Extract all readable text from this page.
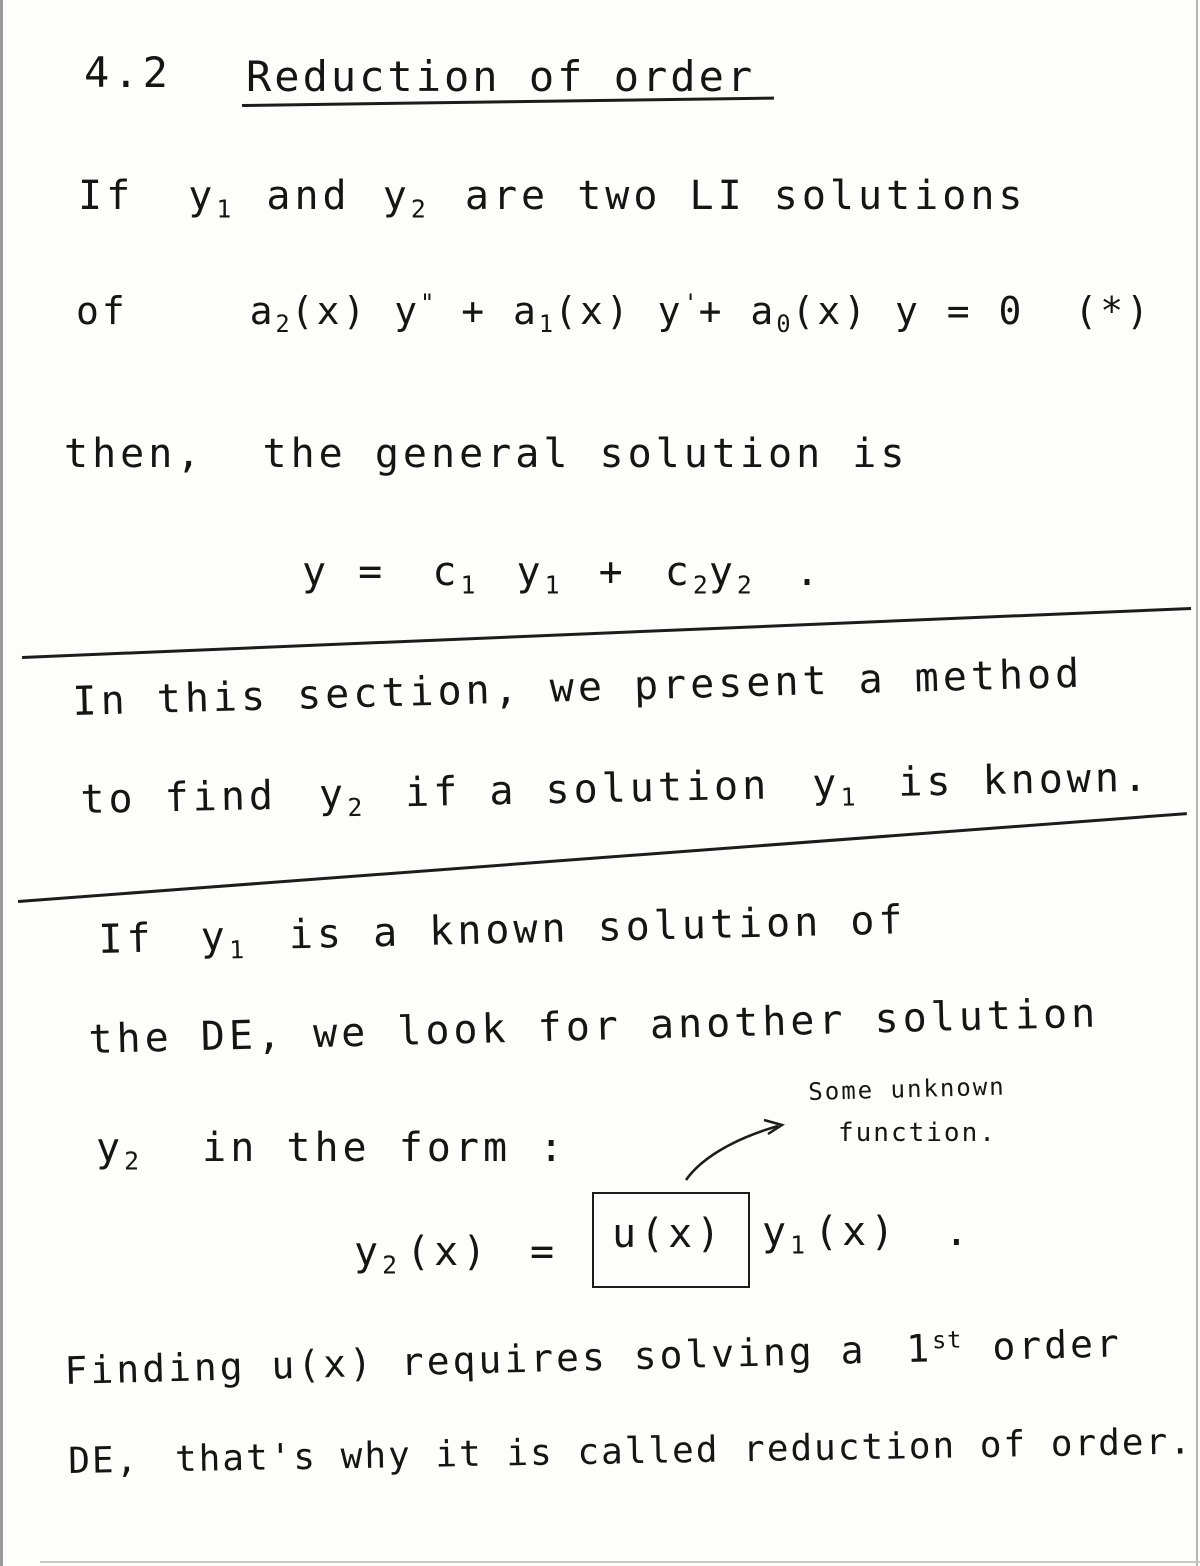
4.2 Reduction of order
If $y_1$ and $y_2$ are two LI solutions
of	$a_2(x) y^" + a_1(x)$ $y'+ a_0(x) y = 0$ (*)
then, the general solution is
$y = c_1$ $y_1 + c_2y_2$ .
In this section, we present a method
to find $y_2$ if a solution $y_1$ is known.
If $y_1$ is a known solution of
the DE, we look for another solution
$y_2$ in the form :
Some unknown
function.
$y_2$ (x) = u(x) $y_1$ (x) .
Finding u(x) requires solving a 1st order
DE, that's why it is called reduction of order.
